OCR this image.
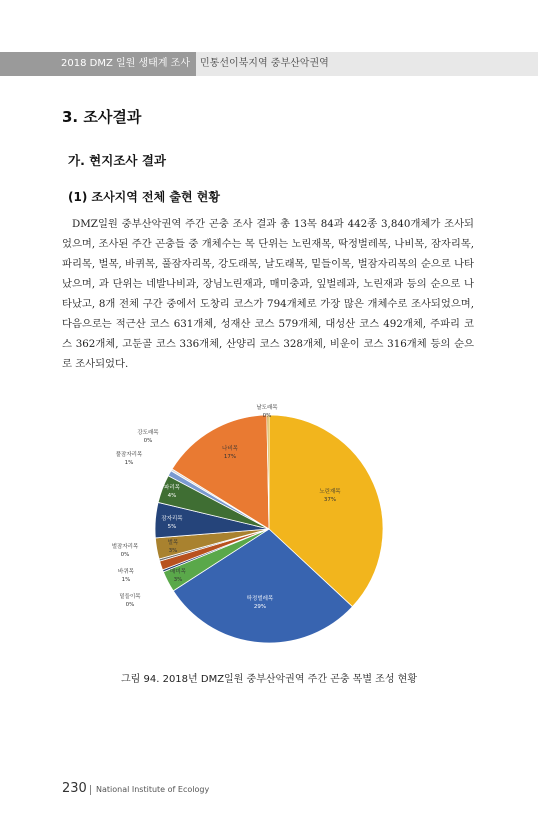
2018 DMZ 일원 생태계 조사	민통선이북지역 중부산악권역
3. 조사결과
가. 현지조사 결과
(1) 조사지역 전체 출현 현황

DMZ일원 중부산악권역 주간 곤충 조사 결과 총 13목 84과 442종 3,840개체가 조사되었으며, 조사된 주간 곤충들 중 개체수는 목 단위는 노린재목, 딱정벌레목, 나비목, 잠자리목, 파리목, 벌목, 바퀴목, 풀잠자리목, 강도래목, 날도래목, 밑들이목, 벌잠자리목의 순으로 나타났으며, 과 단위는 네발나비과, 장님노린재과, 매미충과, 잎벌레과, 노린재과 등의 순으로 나타났고, 8개 전체 구간 중에서 도창리 코스가 794개체로 가장 많은 개체수로 조사되었으며, 다음으로는 적근산 코스 631개체, 성재산 코스 579개체, 대성산 코스 492개체, 주파리 코스 362개체, 고둔골 코스 336개체, 산양리 코스 328개체, 비운이 코스 316개체 등의 순으로 조사되었다.

노린재목
37%
딱정벌레목
29%
매미목
3%
밑들이목
0%
바퀴목
1%
벌잠자리목
0%
벌목
3%
잠자리목
5%
파리목
4%
풀잠자리목
1%
강도래목
0%
나비목
17%
날도래목
0%
그림 94. 2018년 DMZ일원 중부산악권역 주간 곤충 목별 조성 현황
230 National Institute of Ecology
